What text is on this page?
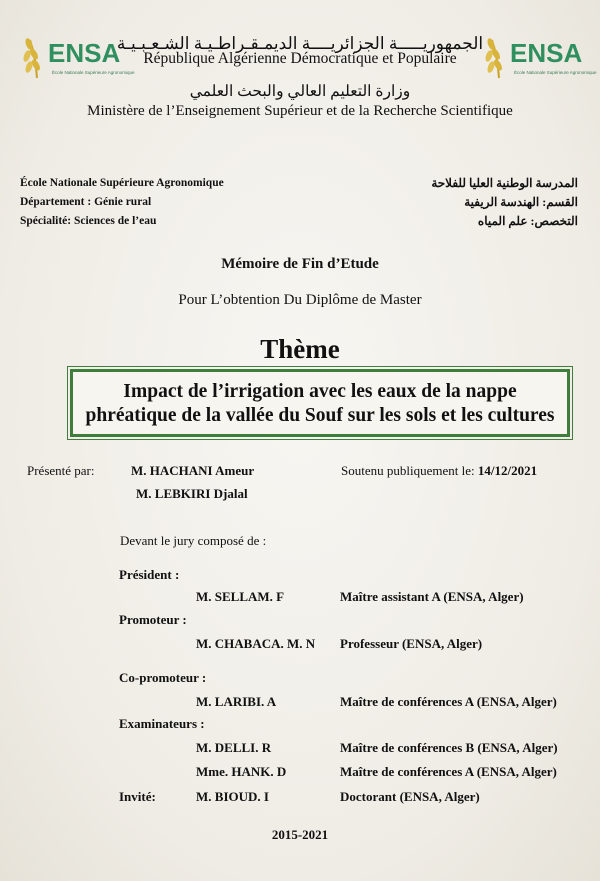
ENSA
École Nationale Supérieure Agronomique
ENSA
École Nationale Supérieure Agronomique
الجمهوريـــــة الجزائريــــة الديمـقـراطـيـة الشـعـبـيـة
République Algérienne Démocratique et Populaire
وزارة التعليم العالي والبحث العلمي
Ministère de l’Enseignement Supérieur et de la Recherche Scientifique
École Nationale Supérieure Agronomique
Département : Génie rural
Spécialité: Sciences de l’eau
المدرسة الوطنية العليا للفلاحة
القسم: الهندسة الريفية
التخصص: علم المياه
Mémoire de Fin d’Etude
Pour L’obtention Du Diplôme de Master
Thème
Impact de l’irrigation avec les eaux de la nappe
phréatique de la vallée du Souf sur les sols et les cultures
Présenté par:	M. HACHANI Ameur
M. LEBKIRI Djalal
Soutenu publiquement le: 14/12/2021
Devant le jury composé de :
Président :
M. SELLAM. F	Maître assistant A (ENSA, Alger)
Promoteur :
M. CHABACA. M. N Professeur (ENSA, Alger)
Co-promoteur :
M. LARIBI. A	Maître de conférences A (ENSA, Alger)
Examinateurs :
M. DELLI. R	Maître de conférences B (ENSA, Alger)
Mme. HANK. D	Maître de conférences A (ENSA, Alger)
Invité:	M. BIOUD. I	Doctorant (ENSA, Alger)
2015-2021
